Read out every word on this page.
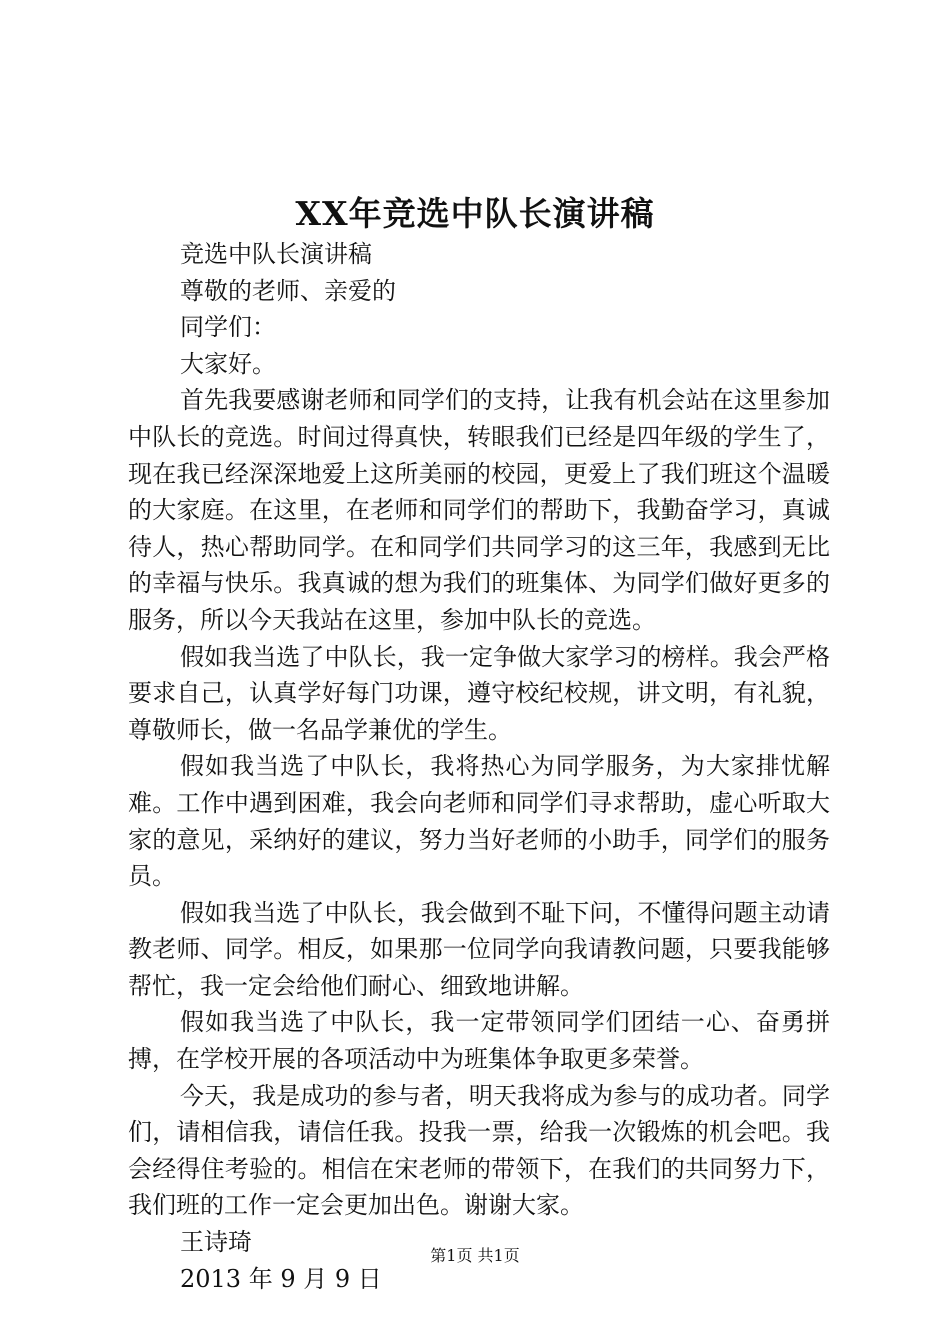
XX年竞选中队长演讲稿

竞选中队长演讲稿

尊敬的老师、亲爱的

同学们：

大家好。

首先我要感谢老师和同学们的支持，让我有机会站在这里参加中队长的竞选。时间过得真快，转眼我们已经是四年级的学生了，现在我已经深深地爱上这所美丽的校园，更爱上了我们班这个温暖的大家庭。在这里，在老师和同学们的帮助下，我勤奋学习，真诚待人，热心帮助同学。在和同学们共同学习的这三年，我感到无比的幸福与快乐。我真诚的想为我们的班集体、为同学们做好更多的服务，所以今天我站在这里，参加中队长的竞选。

假如我当选了中队长，我一定争做大家学习的榜样。我会严格要求自己，认真学好每门功课，遵守校纪校规，讲文明，有礼貌，尊敬师长，做一名品学兼优的学生。

假如我当选了中队长，我将热心为同学服务，为大家排忧解难。工作中遇到困难，我会向老师和同学们寻求帮助，虚心听取大家的意见，采纳好的建议，努力当好老师的小助手，同学们的服务员。

假如我当选了中队长，我会做到不耻下问，不懂得问题主动请教老师、同学。相反，如果那一位同学向我请教问题，只要我能够帮忙，我一定会给他们耐心、细致地讲解。

假如我当选了中队长，我一定带领同学们团结一心、奋勇拼搏，在学校开展的各项活动中为班集体争取更多荣誉。

今天，我是成功的参与者，明天我将成为参与的成功者。同学们，请相信我，请信任我。投我一票，给我一次锻炼的机会吧。我会经得住考验的。相信在宋老师的带领下，在我们的共同努力下，我们班的工作一定会更加出色。谢谢大家。

王诗琦

2013 年 9 月 9 日

第1页 共1页
